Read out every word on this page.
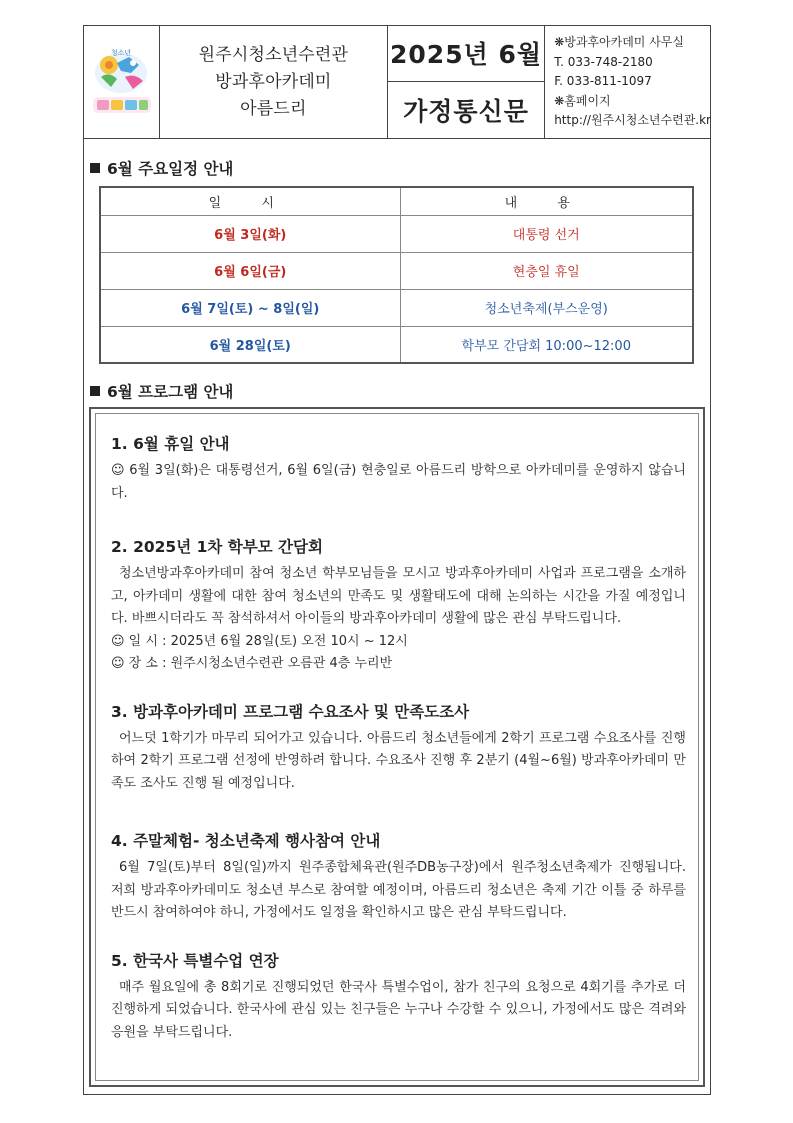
청소년	원주시청소년수련관
방과후아카데미
아름드리
2025년 6월
가정통신문
❋방과후아카데미 사무실
T. 033-748-2180
F. 033-811-1097
❋홈페이지
http://원주시청소년수련관.kr
6월 주요일정 안내
일 시	내 용
6월 3일(화)	대통령 선거
6월 6일(금)	현충일 휴일
6월 7일(토) ~ 8일(일)	청소년축제(부스운영)
6월 28일(토)	학부모 간담회 10:00~12:00
6월 프로그램 안내
1. 6월 휴일 안내
☺ 6월 3일(화)은 대통령선거, 6월 6일(금) 현충일로 아름드리 방학으로 아카데미를 운영하지 않습니다.
2. 2025년 1차 학부모 간담회
청소년방과후아카데미 참여 청소년 학부모님들을 모시고 방과후아카데미 사업과 프로그램을 소개하고, 아카데미 생활에 대한 참여 청소년의 만족도 및 생활태도에 대해 논의하는 시간을 가질 예정입니다. 바쁘시더라도 꼭 참석하셔서 아이들의 방과후아카데미 생활에 많은 관심 부탁드립니다.
☺ 일 시 : 2025년 6월 28일(토) 오전 10시 ~ 12시
☺ 장 소 : 원주시청소년수련관 오름관 4층 누리반
3. 방과후아카데미 프로그램 수요조사 및 만족도조사
어느덧 1학기가 마무리 되어가고 있습니다. 아름드리 청소년들에게 2학기 프로그램 수요조사를 진행하여 2학기 프로그램 선정에 반영하려 합니다. 수요조사 진행 후 2분기 (4월~6월) 방과후아카데미 만족도 조사도 진행 될 예정입니다.
4. 주말체험- 청소년축제 행사참여 안내
6월 7일(토)부터 8일(일)까지 원주종합체육관(원주DB농구장)에서 원주청소년축제가 진행됩니다. 저희 방과후아카데미도 청소년 부스로 참여할 예정이며, 아름드리 청소년은 축제 기간 이틀 중 하루를 반드시 참여하여야 하니, 가정에서도 일정을 확인하시고 많은 관심 부탁드립니다.
5. 한국사 특별수업 연장
매주 월요일에 총 8회기로 진행되었던 한국사 특별수업이, 참가 친구의 요청으로 4회기를 추가로 더 진행하게 되었습니다. 한국사에 관심 있는 친구들은 누구나 수강할 수 있으니, 가정에서도 많은 격려와 응원을 부탁드립니다.
